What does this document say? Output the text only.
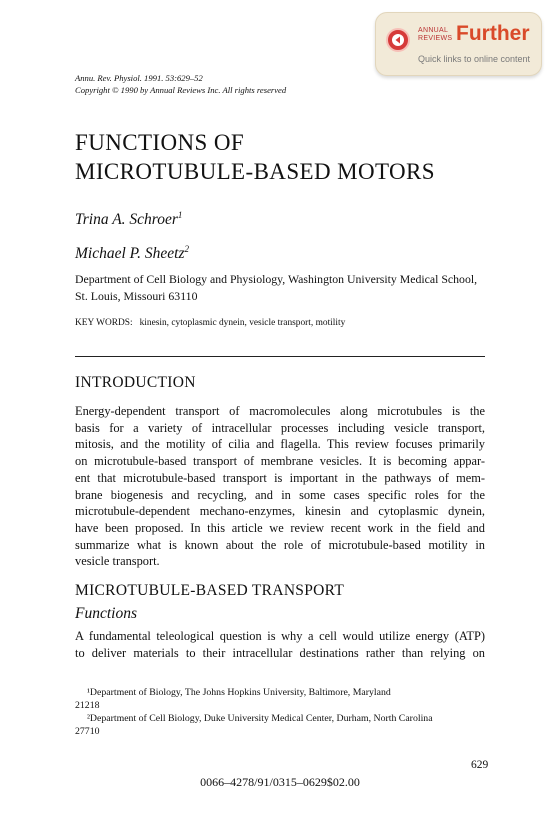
ANNUAL
REVIEWS Further
Quick links to online content
Annu. Rev. Physiol. 1991. 53:629–52
Copyright © 1990 by Annual Reviews Inc. All rights reserved
FUNCTIONS OF
MICROTUBULE-BASED MOTORS
Trina A. Schroer$^1$
Michael P. Sheetz$^2$
Department of Cell Biology and Physiology, Washington University Medical School,
St. Louis, Missouri 63110
KEY WORDS:   kinesin, cytoplasmic dynein, vesicle transport, motility
INTRODUCTION
Energy-dependent transport of macromolecules along microtubules is the
basis for a variety of intracellular processes including vesicle transport,
mitosis, and the motility of cilia and flagella. This review focuses primarily
on microtubule-based transport of membrane vesicles. It is becoming appar-
ent that microtubule-based transport is important in the pathways of mem-
brane biogenesis and recycling, and in some cases specific roles for the
microtubule-dependent mechano-enzymes, kinesin and cytoplasmic dynein,
have been proposed. In this article we review recent work in the field and
summarize what is known about the role of microtubule-based motility in
vesicle transport.
MICROTUBULE-BASED TRANSPORT
Functions
A fundamental teleological question is why a cell would utilize energy (ATP)
to deliver materials to their intracellular destinations rather than relying on
¹Department of Biology, The Johns Hopkins University, Baltimore, Maryland
21218
²Department of Cell Biology, Duke University Medical Center, Durham, North Carolina
27710
629
0066–4278/91/0315–0629$02.00
